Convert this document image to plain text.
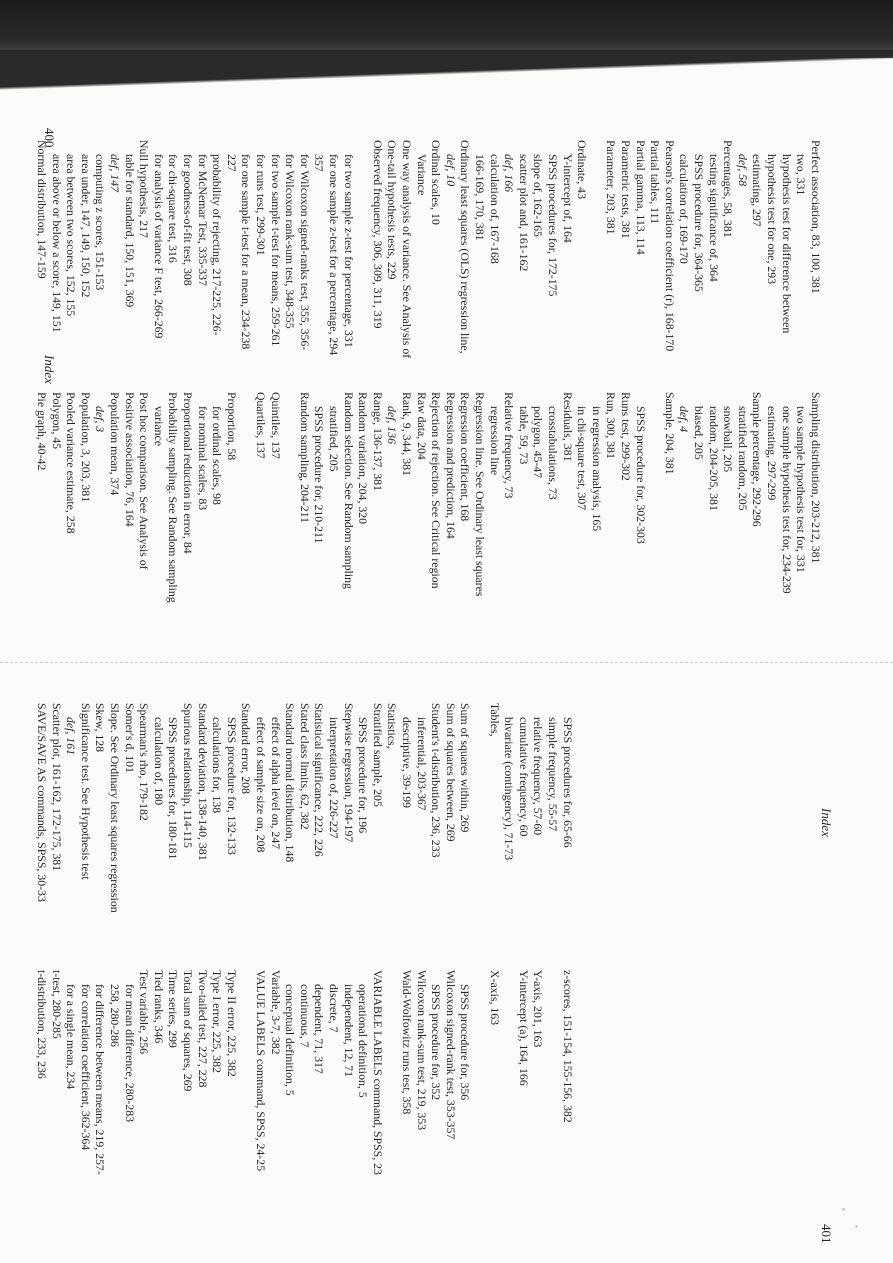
400
Index
Normal distribution, 147-159 area above or below a score, 149, 151 area between two scores, 152, 155 area under, 147, 149, 150, 152 computing z scores, 151-153 def, 147 table for standard, 150, 151, 369 Null hypothesis, 217 for analysis of variance F test, 266-269 for chi-square test, 316 for goodness-of-fit test, 308 for McNemar Test, 335-337 probability of rejecting, 217-225, 226- 227 for one sample t-test for a mean, 234-238 for runs test, 299-301 for two sample t-test for means, 259-261 for Wilcoxon rank-sum test, 348-355 for Wilcoxon signed-ranks test, 355, 356- 357 for one sample z-test for a percentage, 294 for two sample z-test for percentage, 331 Observed frequency, 306, 309, 311, 319 One-tail hypothesis tests, 229 One way analysis of variance. See Analysis of Variance Ordinal scales, 10 def, 10 Ordinary least squares (OLS) regression line, 166-169, 170, 381 calculation of, 167-168 def, 166 scatter plot and, 161-162 slope of, 162-165 SPSS procedures for, 172-175 Y-intercept of, 164 Ordinate, 43 Parameter, 203, 381 Parametric tests, 381 Partial gamma, 113, 114 Partial tables, 111 Pearson's correlation coefficient (r), 168-170 calculation of, 169-170 SPSS procedure for, 364-365 testing significance of, 364 Percentages, 58, 381 def, 58 estimating, 297 hypothesis test for one, 293 hypothesis test for difference between two, 331 Perfect association, 83, 100, 381
Pie graph, 40-42 Polygon, 45 Pooled variance estimate, 258 Population, 3, 203, 381 def, 3 Population mean, 374 Positive association, 76, 164 Post hoc comparison. See Analysis of variance Probability sampling. See Random sampling Proportional reduction in error, 84 for nominal scales, 83 for ordinal scales, 98 Proportion, 58 Quartiles, 137 Quintiles, 137 Random sampling, 204-211 SPSS procedure for, 210-211 stratified, 205 Random selection. See Random sampling Random variation, 204, 320 Range, 136-137, 381 def, 136 Rank, 9, 344, 381 Raw data, 204 Rejection of rejection. See Critical region Regression and prediction, 164 Regression coefficient, 168 Regression line. See Ordinary least squares regression line Relative frequency, 73 table, 59, 73 polygon, 45-47 crosstabulations, 73 Residuals, 381 in chi-square test, 307 in regression analysis, 165 Run, 300, 381 Runs test, 299-302 SPSS procedure for, 302-303 Sample, 204, 381 def, 4 biased, 205 random, 204-205, 381 snowball, 205 stratified random, 205 Sample percentage, 292-296 estimating, 297-299 one sample hypothesis test for, 234-239 two sample hypothesis test for, 331 Sampling distribution, 203-212, 381
Index
401
SAVE/SAVE AS commands, SPSS, 30-33 Scatter plot, 161-162, 172-175, 381 def, 161 Significance test. See Hypothesis test Skew, 128 Slope. See Ordinary least squares regression Somer's d, 101 Spearman's rho, 179-182 calculation of, 180 SPSS procedures for, 180-181 Spurious relationship, 114-115 Standard deviation, 138-140, 381 calculations for, 138 SPSS procedure for, 132-133 Standard error, 208 effect of sample size on, 208 effect of alpha level on, 247 Standard normal distribution, 148 Stated class limits, 62, 382 Statistical significance, 222, 226 interpretation of, 226-227 Stepwise regression, 194-197 SPSS procedure for, 196 Stratified sample, 205 Statistics, descriptive, 39-199 inferential, 203-367 Student's t-distribution, 236, 233 Sum of squares between, 269 Sum of squares within, 269 Tables, bivariate (contingency), 71-73 cumulative frequency, 60 relative frequency, 57-60 simple frequency, 55-57 SPSS procedures for, 65-66
t-distribution, 233, 236 t-test, 280-285 for a single mean, 234 for correlation coefficient, 362-364 for difference between means, 219, 257- 258, 280-286 for mean difference, 280-283 Test variable, 256 Tied ranks, 346 Time series, 299 Total sum of squares, 269 Two-tailed test, 227, 228 Type I error, 225, 382 Type II error, 225, 382 VALUE LABELS command, SPSS, 24-25 Variable, 3-7, 382 conceptual definition, 5 continuous, 7 dependent, 71, 317 discrete, 7 independent, 12, 71 operational definition, 5 VARIABLE LABELS command, SPSS, 23 Wald-Wolfowitz runs test, 358 Wilcoxon rank-sum test, 219, 353 SPSS procedure for, 352 Wilcoxon signed-rank test, 353-357 SPSS procedure for, 356 X-axis, 163 Y-intercept (a), 164, 166 Y-axis, 201, 163 z-scores, 151-154, 155-156, 382
